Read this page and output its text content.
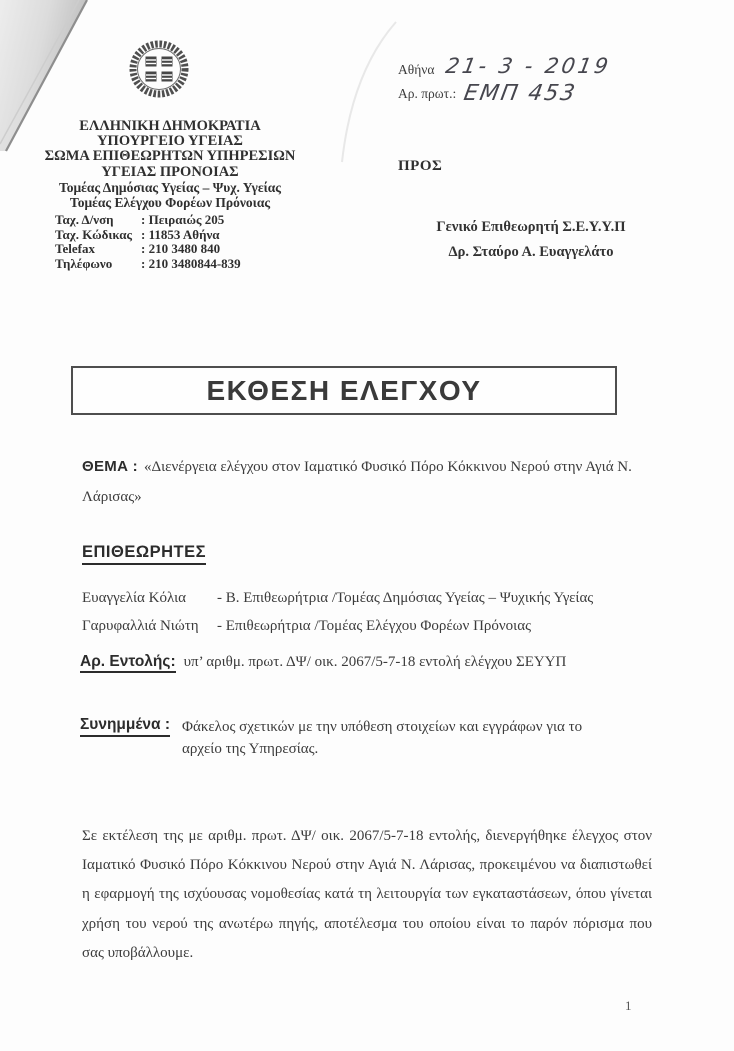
ΕΛΛΗΝΙΚΗ ΔΗΜΟΚΡΑΤΙΑ
ΥΠΟΥΡΓΕΙΟ ΥΓΕΙΑΣ
ΣΩΜΑ ΕΠΙΘΕΩΡΗΤΩΝ ΥΠΗΡΕΣΙΩΝ
ΥΓΕΙΑΣ ΠΡΟΝΟΙΑΣ
Τομέας Δημόσιας Υγείας – Ψυχ. Υγείας
Τομέας Ελέγχου Φορέων Πρόνοιας
Ταχ. Δ/νση	: Πειραιώς 205
Ταχ. Κώδικας : 11853 Αθήνα
Telefax	: 210 3480 840
Τηλέφωνο	: 210 3480844-839
Αθήνα 21- 3 - 2019
Αρ. πρωτ.: ΕΜΠ 453
ΠΡΟΣ
Γενικό Επιθεωρητή Σ.Ε.Υ.Υ.Π
Δρ. Σταύρο Α. Ευαγγελάτο
ΕΚΘΕΣΗ ΕΛΕΓΧΟΥ

ΘΕΜΑ : «Διενέργεια ελέγχου στον Ιαματικό Φυσικό Πόρο Κόκκινου Νερού στην Αγιά Ν. Λάρισας»

ΕΠΙΘΕΩΡΗΤΕΣ
Ευαγγελία Κόλια	- Β. Επιθεωρήτρια /Τομέας Δημόσιας Υγείας – Ψυχικής Υγείας
Γαρυφαλλιά Νιώτη	- Επιθεωρήτρια /Τομέας Ελέγχου Φορέων Πρόνοιας

Αρ. Εντολής: υπ’ αριθμ. πρωτ. ΔΨ/ οικ. 2067/5-7-18 εντολή ελέγχου ΣΕΥΥΠ

Συνημμένα : Φάκελος σχετικών με την υπόθεση στοιχείων και εγγράφων για το
αρχείο της Υπηρεσίας.

Σε εκτέλεση της με αριθμ. πρωτ. ΔΨ/ οικ. 2067/5-7-18 εντολής, διενεργήθηκε έλεγχος στον Ιαματικό Φυσικό Πόρο Κόκκινου Νερού στην Αγιά Ν. Λάρισας, προκειμένου να διαπιστωθεί η εφαρμογή της ισχύουσας νομοθεσίας κατά τη λειτουργία των εγκαταστάσεων, όπου γίνεται χρήση του νερού της ανωτέρω πηγής, αποτέλεσμα του οποίου είναι το παρόν πόρισμα που σας υποβάλλουμε.

1
